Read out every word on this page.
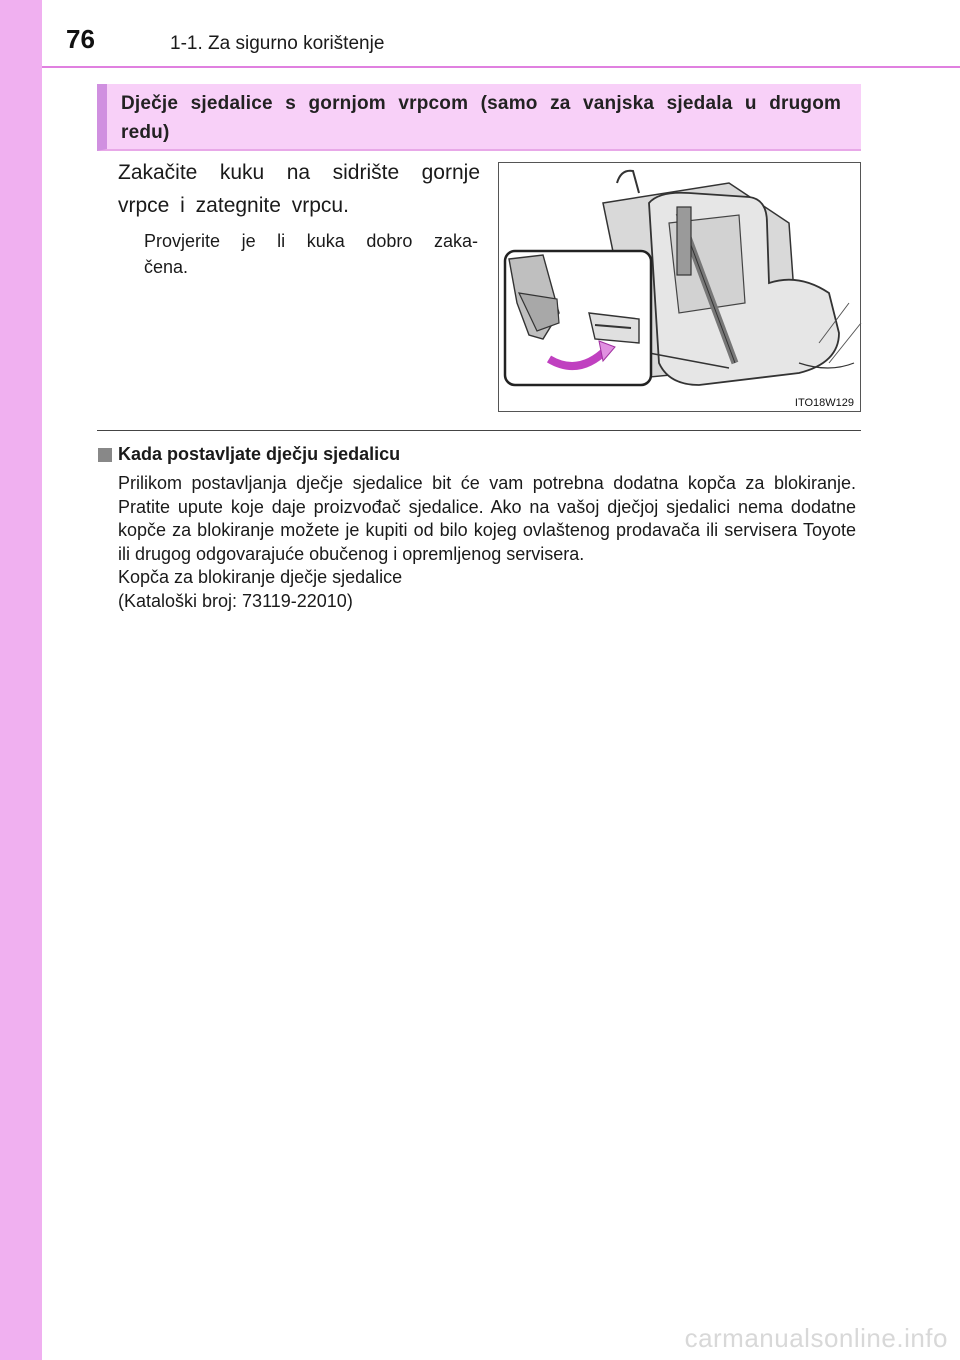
76	1-1. Za sigurno korištenje
Dječje sjedalice s gornjom vrpcom (samo za vanjska sjedala u drugom redu)
Zakačite kuku na sidrište gornje vrpce i zategnite vrpcu.
Provjerite je li kuka dobro zaka- čena.
ITO18W129
Kada postavljate dječju sjedalicu

Prilikom postavljanja dječje sjedalice bit će vam potrebna dodatna kopča za blokiranje. Pratite upute koje daje proizvođač sjedalice. Ako na vašoj dječjoj sjedalici nema dodatne kopče za blokiranje možete je kupiti od bilo kojeg ovlaštenog prodavača ili servisera Toyote ili drugog odgovarajuće obučenog i opremljenog servisera.

Kopča za blokiranje dječje sjedalice
(Kataloški broj: 73119-22010)
carmanualsonline.info
